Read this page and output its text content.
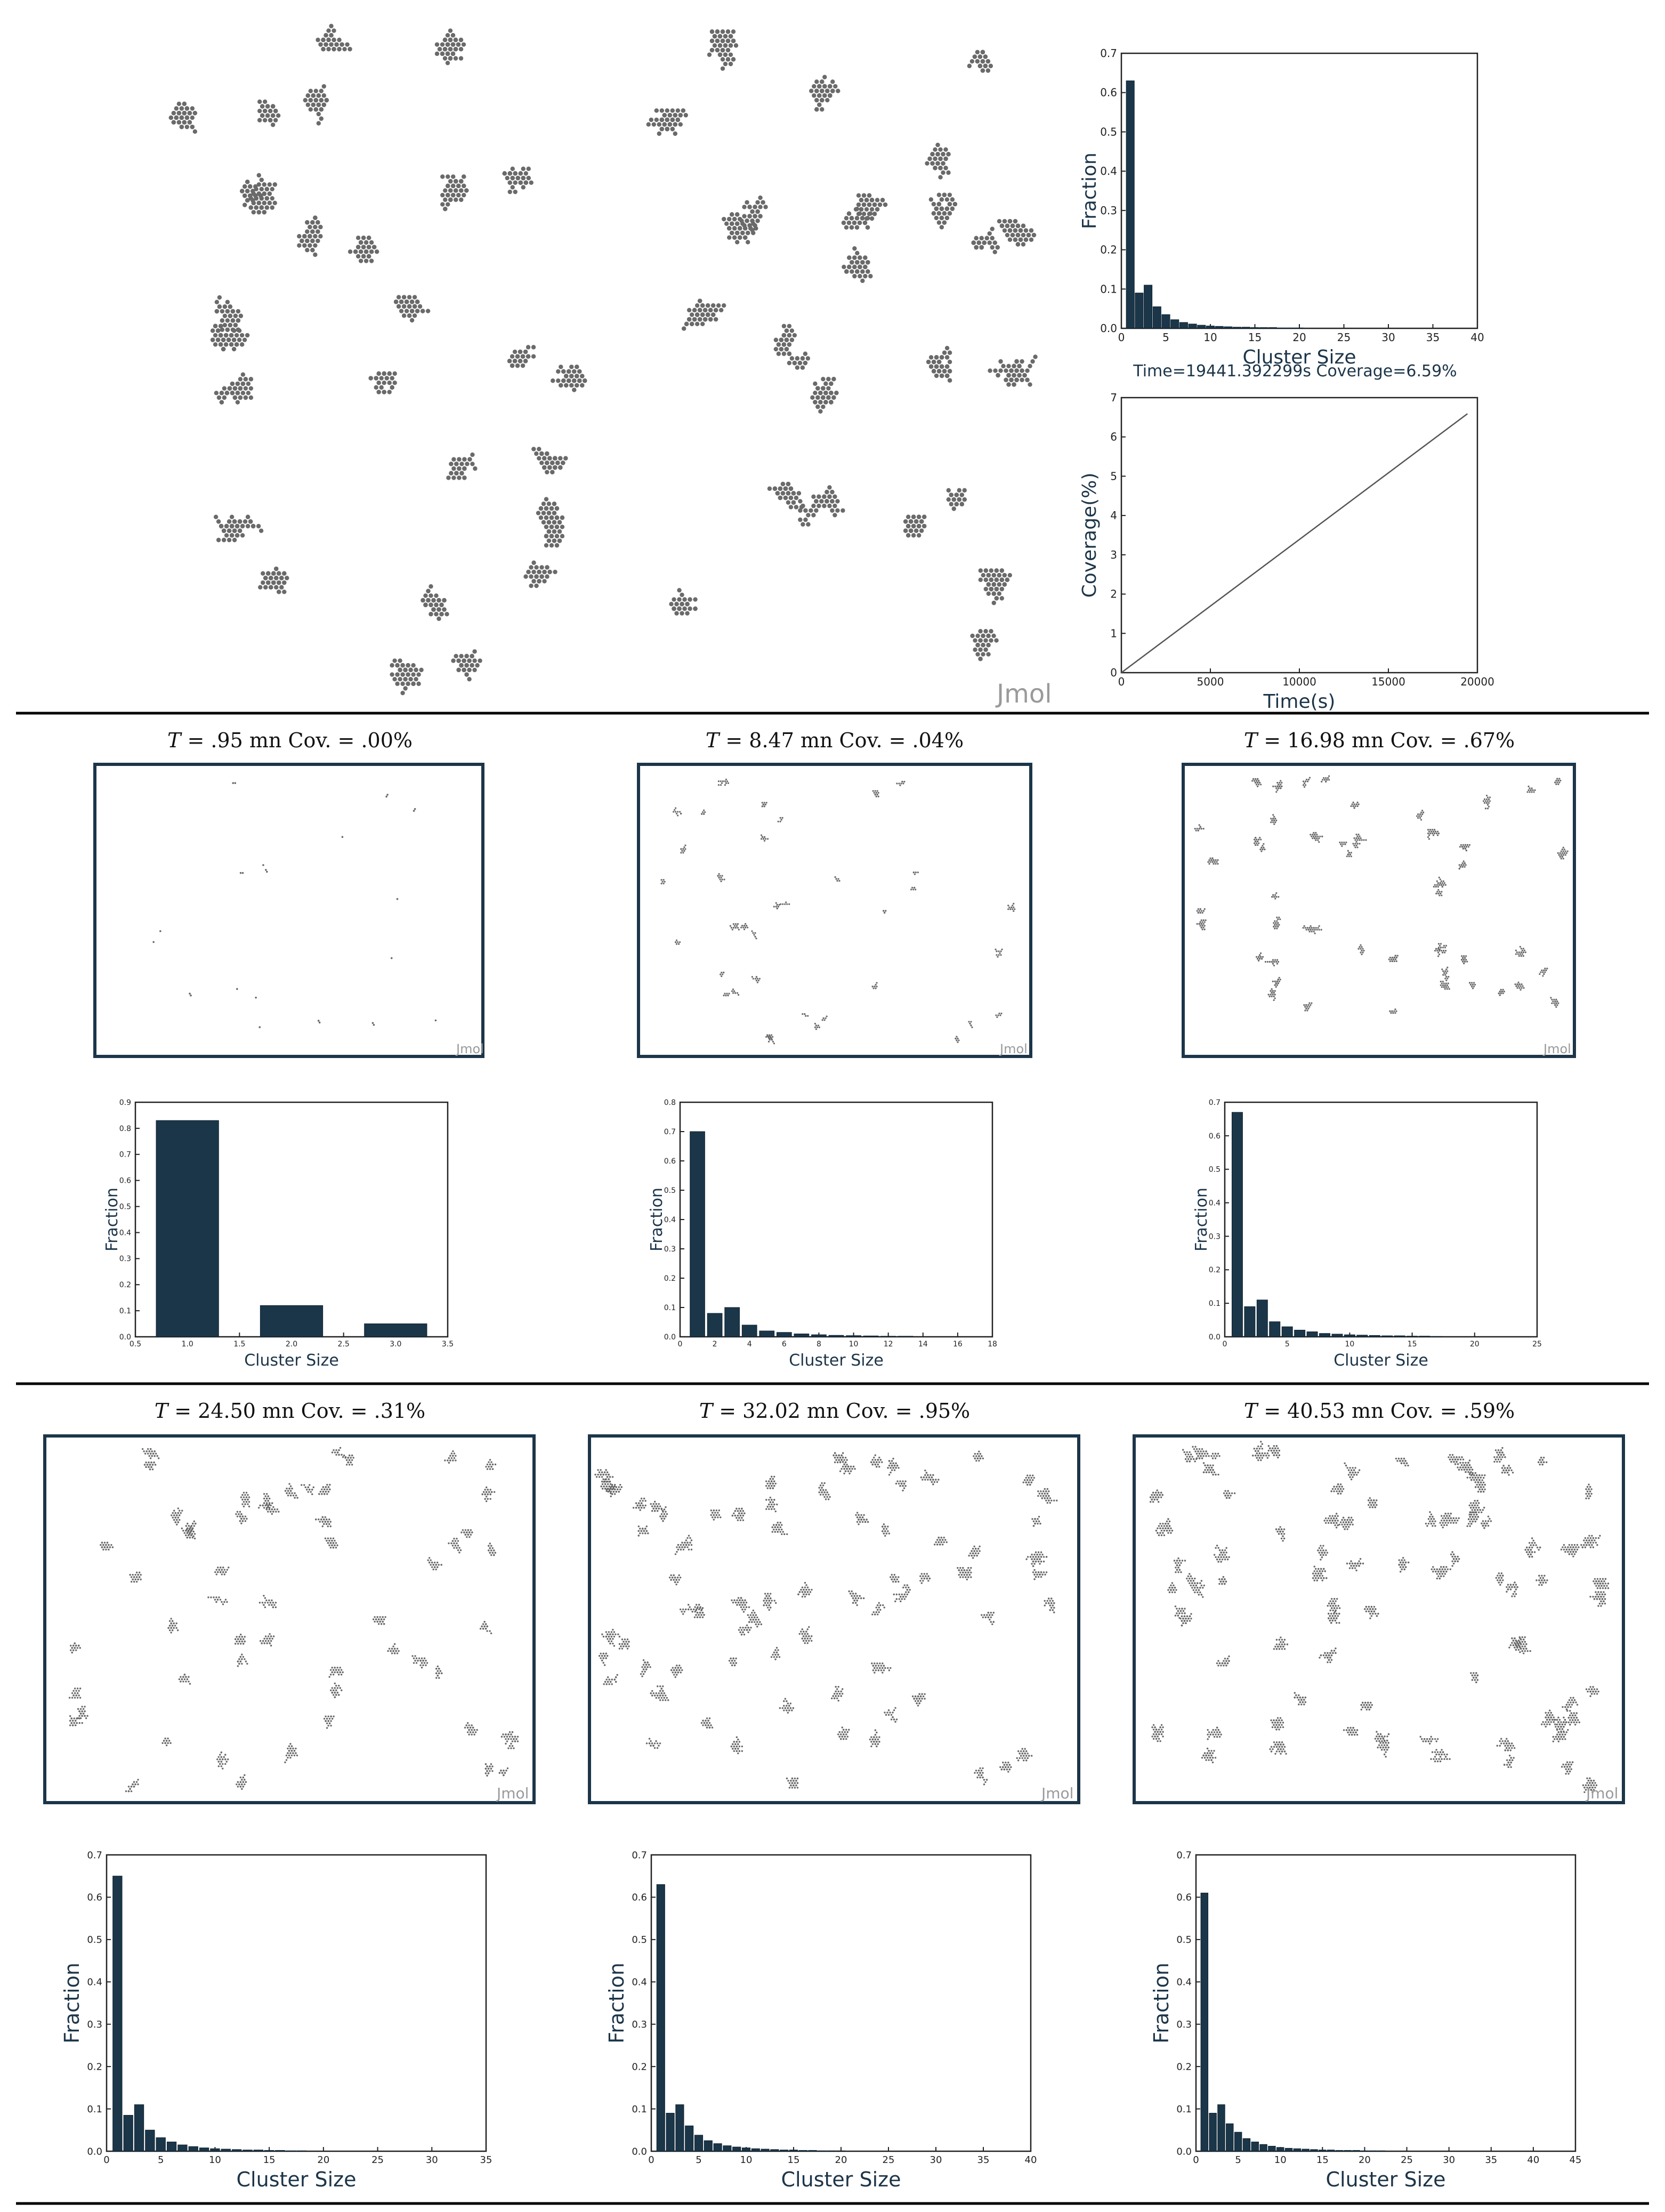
Jmol
0	5	10	15	20	25	30	35	40
0.0
0.1
0.2
0.3
0.4
0.5
0.6
0.7
Cluster Size
Fraction
Time=19441.392299s Coverage=6.59%
0	5000	10000	15000	20000
0
1
2
3
4
5
6
7
Time(s)
Coverage(%)
T = .95 mn Cov. = .00%
Jmol
0.5	1.0	1.5	2.0	2.5	3.0	3.5
0.0
0.1
0.2
0.3
0.4
0.5
0.6
0.7
0.8
0.9
Cluster Size
Fraction
T = 8.47 mn Cov. = .04%
Jmol
0	2	4	6	8	10	12	14	16	18
0.0
0.1
0.2
0.3
0.4
0.5
0.6
0.7
0.8
Cluster Size
Fraction
T = 16.98 mn Cov. = .67%
Jmol
0	5	10	15	20	25
0.0
0.1
0.2
0.3
0.4
0.5
0.6
0.7
Cluster Size
Fraction
T = 24.50 mn Cov. = .31%
Jmol
0	5	10	15	20	25	30	35
0.0
0.1
0.2
0.3
0.4
0.5
0.6
0.7
Cluster Size
Fraction
T = 32.02 mn Cov. = .95%
Jmol
0	5	10	15	20	25	30	35	40
0.0
0.1
0.2
0.3
0.4
0.5
0.6
0.7
Cluster Size
Fraction
T = 40.53 mn Cov. = .59%
Jmol
0	5	10	15	20	25	30	35	40	45
0.0
0.1
0.2
0.3
0.4
0.5
0.6
0.7
Cluster Size
Fraction
